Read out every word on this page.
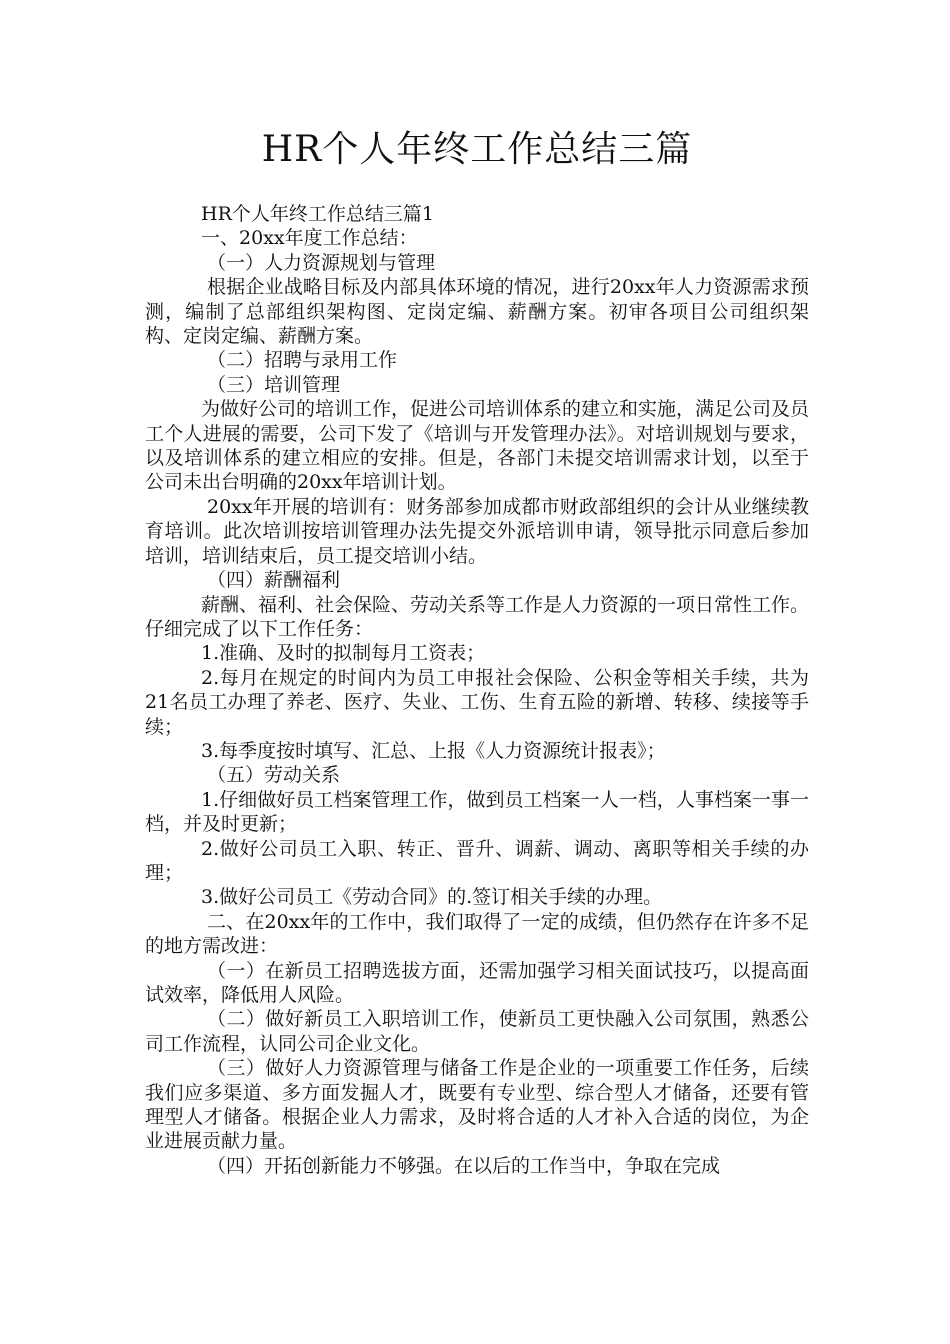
HR个人年终工作总结三篇

HR个人年终工作总结三篇1

一、20xx年度工作总结：

（一）人力资源规划与管理

根据企业战略目标及内部具体环境的情况，进行20xx年人力资源需求预测，编制了总部组织架构图、定岗定编、薪酬方案。初审各项目公司组织架构、定岗定编、薪酬方案。

（二）招聘与录用工作

（三）培训管理

为做好公司的培训工作，促进公司培训体系的建立和实施，满足公司及员工个人进展的需要，公司下发了《培训与开发管理办法》。对培训规划与要求，以及培训体系的建立相应的安排。但是，各部门未提交培训需求计划，以至于公司未出台明确的20xx年培训计划。

20xx年开展的培训有：财务部参加成都市财政部组织的会计从业继续教育培训。此次培训按培训管理办法先提交外派培训申请，领导批示同意后参加培训，培训结束后，员工提交培训小结。

（四）薪酬福利

薪酬、福利、社会保险、劳动关系等工作是人力资源的一项日常性工作。仔细完成了以下工作任务：

1.准确、及时的拟制每月工资表；

2.每月在规定的时间内为员工申报社会保险、公积金等相关手续，共为21名员工办理了养老、医疗、失业、工伤、生育五险的新增、转移、续接等手续；

3.每季度按时填写、汇总、上报《人力资源统计报表》；

（五）劳动关系

1.仔细做好员工档案管理工作，做到员工档案一人一档，人事档案一事一档，并及时更新；

2.做好公司员工入职、转正、晋升、调薪、调动、离职等相关手续的办理；

3.做好公司员工《劳动合同》的.签订相关手续的办理。

二、在20xx年的工作中，我们取得了一定的成绩，但仍然存在许多不足的地方需改进：

（一）在新员工招聘选拔方面，还需加强学习相关面试技巧，以提高面试效率，降低用人风险。

（二）做好新员工入职培训工作，使新员工更快融入公司氛围，熟悉公司工作流程，认同公司企业文化。

（三）做好人力资源管理与储备工作是企业的一项重要工作任务，后续我们应多渠道、多方面发掘人才，既要有专业型、综合型人才储备，还要有管理型人才储备。根据企业人力需求，及时将合适的人才补入合适的岗位，为企业进展贡献力量。

（四）开拓创新能力不够强。在以后的工作当中，争取在完成
